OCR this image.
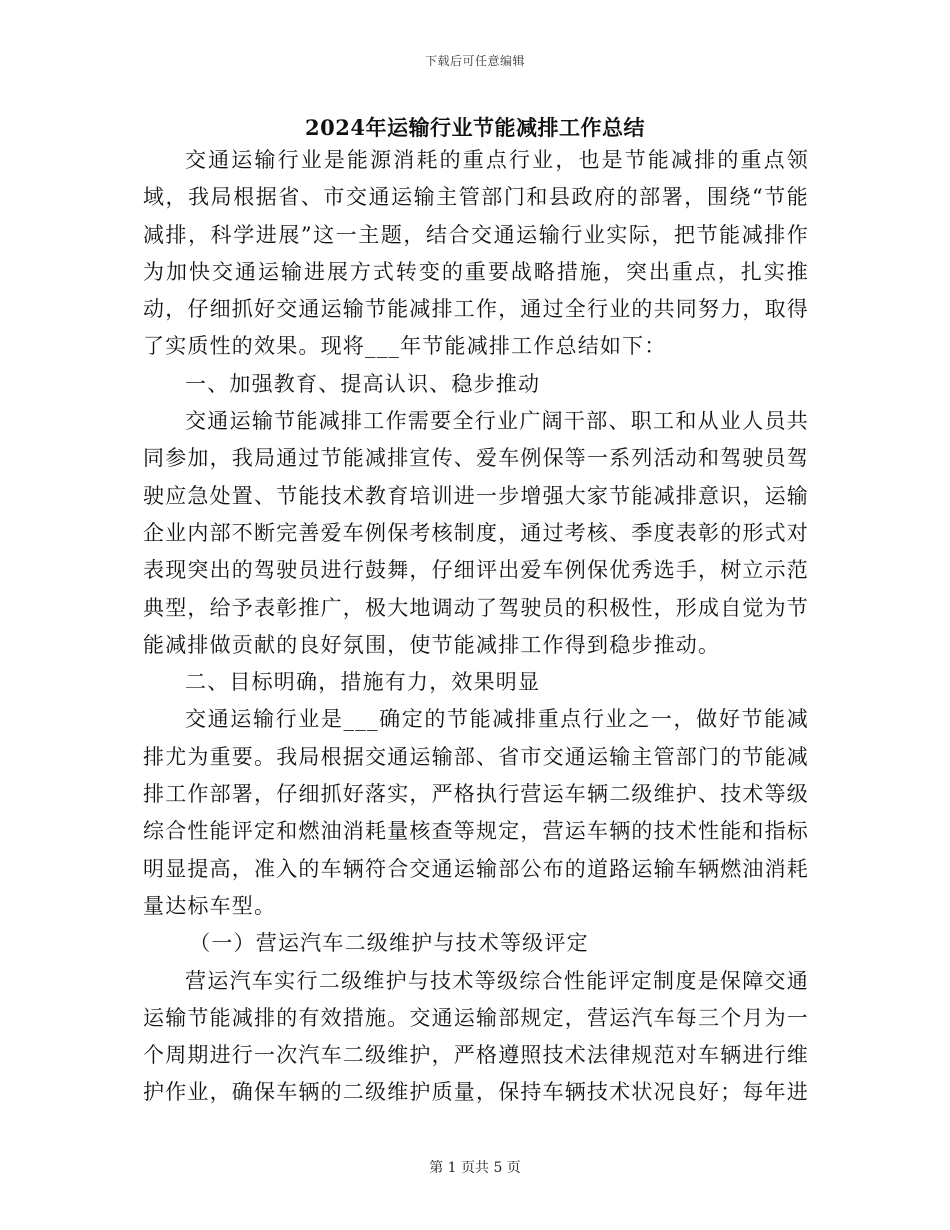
下载后可任意编辑
2024年运输行业节能减排工作总结

交通运输行业是能源消耗的重点行业，也是节能减排的重点领域，我局根据省、市交通运输主管部门和县政府的部署，围绕“节能减排，科学进展”这一主题，结合交通运输行业实际，把节能减排作为加快交通运输进展方式转变的重要战略措施，突出重点，扎实推动，仔细抓好交通运输节能减排工作，通过全行业的共同努力，取得了实质性的效果。现将___年节能减排工作总结如下：

一、加强教育、提高认识、稳步推动

交通运输节能减排工作需要全行业广阔干部、职工和从业人员共同参加，我局通过节能减排宣传、爱车例保等一系列活动和驾驶员驾驶应急处置、节能技术教育培训进一步增强大家节能减排意识，运输企业内部不断完善爱车例保考核制度，通过考核、季度表彰的形式对表现突出的驾驶员进行鼓舞，仔细评出爱车例保优秀选手，树立示范典型，给予表彰推广，极大地调动了驾驶员的积极性，形成自觉为节能减排做贡献的良好氛围，使节能减排工作得到稳步推动。

二、目标明确，措施有力，效果明显

交通运输行业是___确定的节能减排重点行业之一，做好节能减排尤为重要。我局根据交通运输部、省市交通运输主管部门的节能减排工作部署，仔细抓好落实，严格执行营运车辆二级维护、技术等级综合性能评定和燃油消耗量核查等规定，营运车辆的技术性能和指标明显提高，准入的车辆符合交通运输部公布的道路运输车辆燃油消耗量达标车型。

（一）营运汽车二级维护与技术等级评定

营运汽车实行二级维护与技术等级综合性能评定制度是保障交通运输节能减排的有效措施。交通运输部规定，营运汽车每三个月为一个周期进行一次汽车二级维护，严格遵照技术法律规范对车辆进行维护作业，确保车辆的二级维护质量，保持车辆技术状况良好；每年进

第 1 页共 5 页
